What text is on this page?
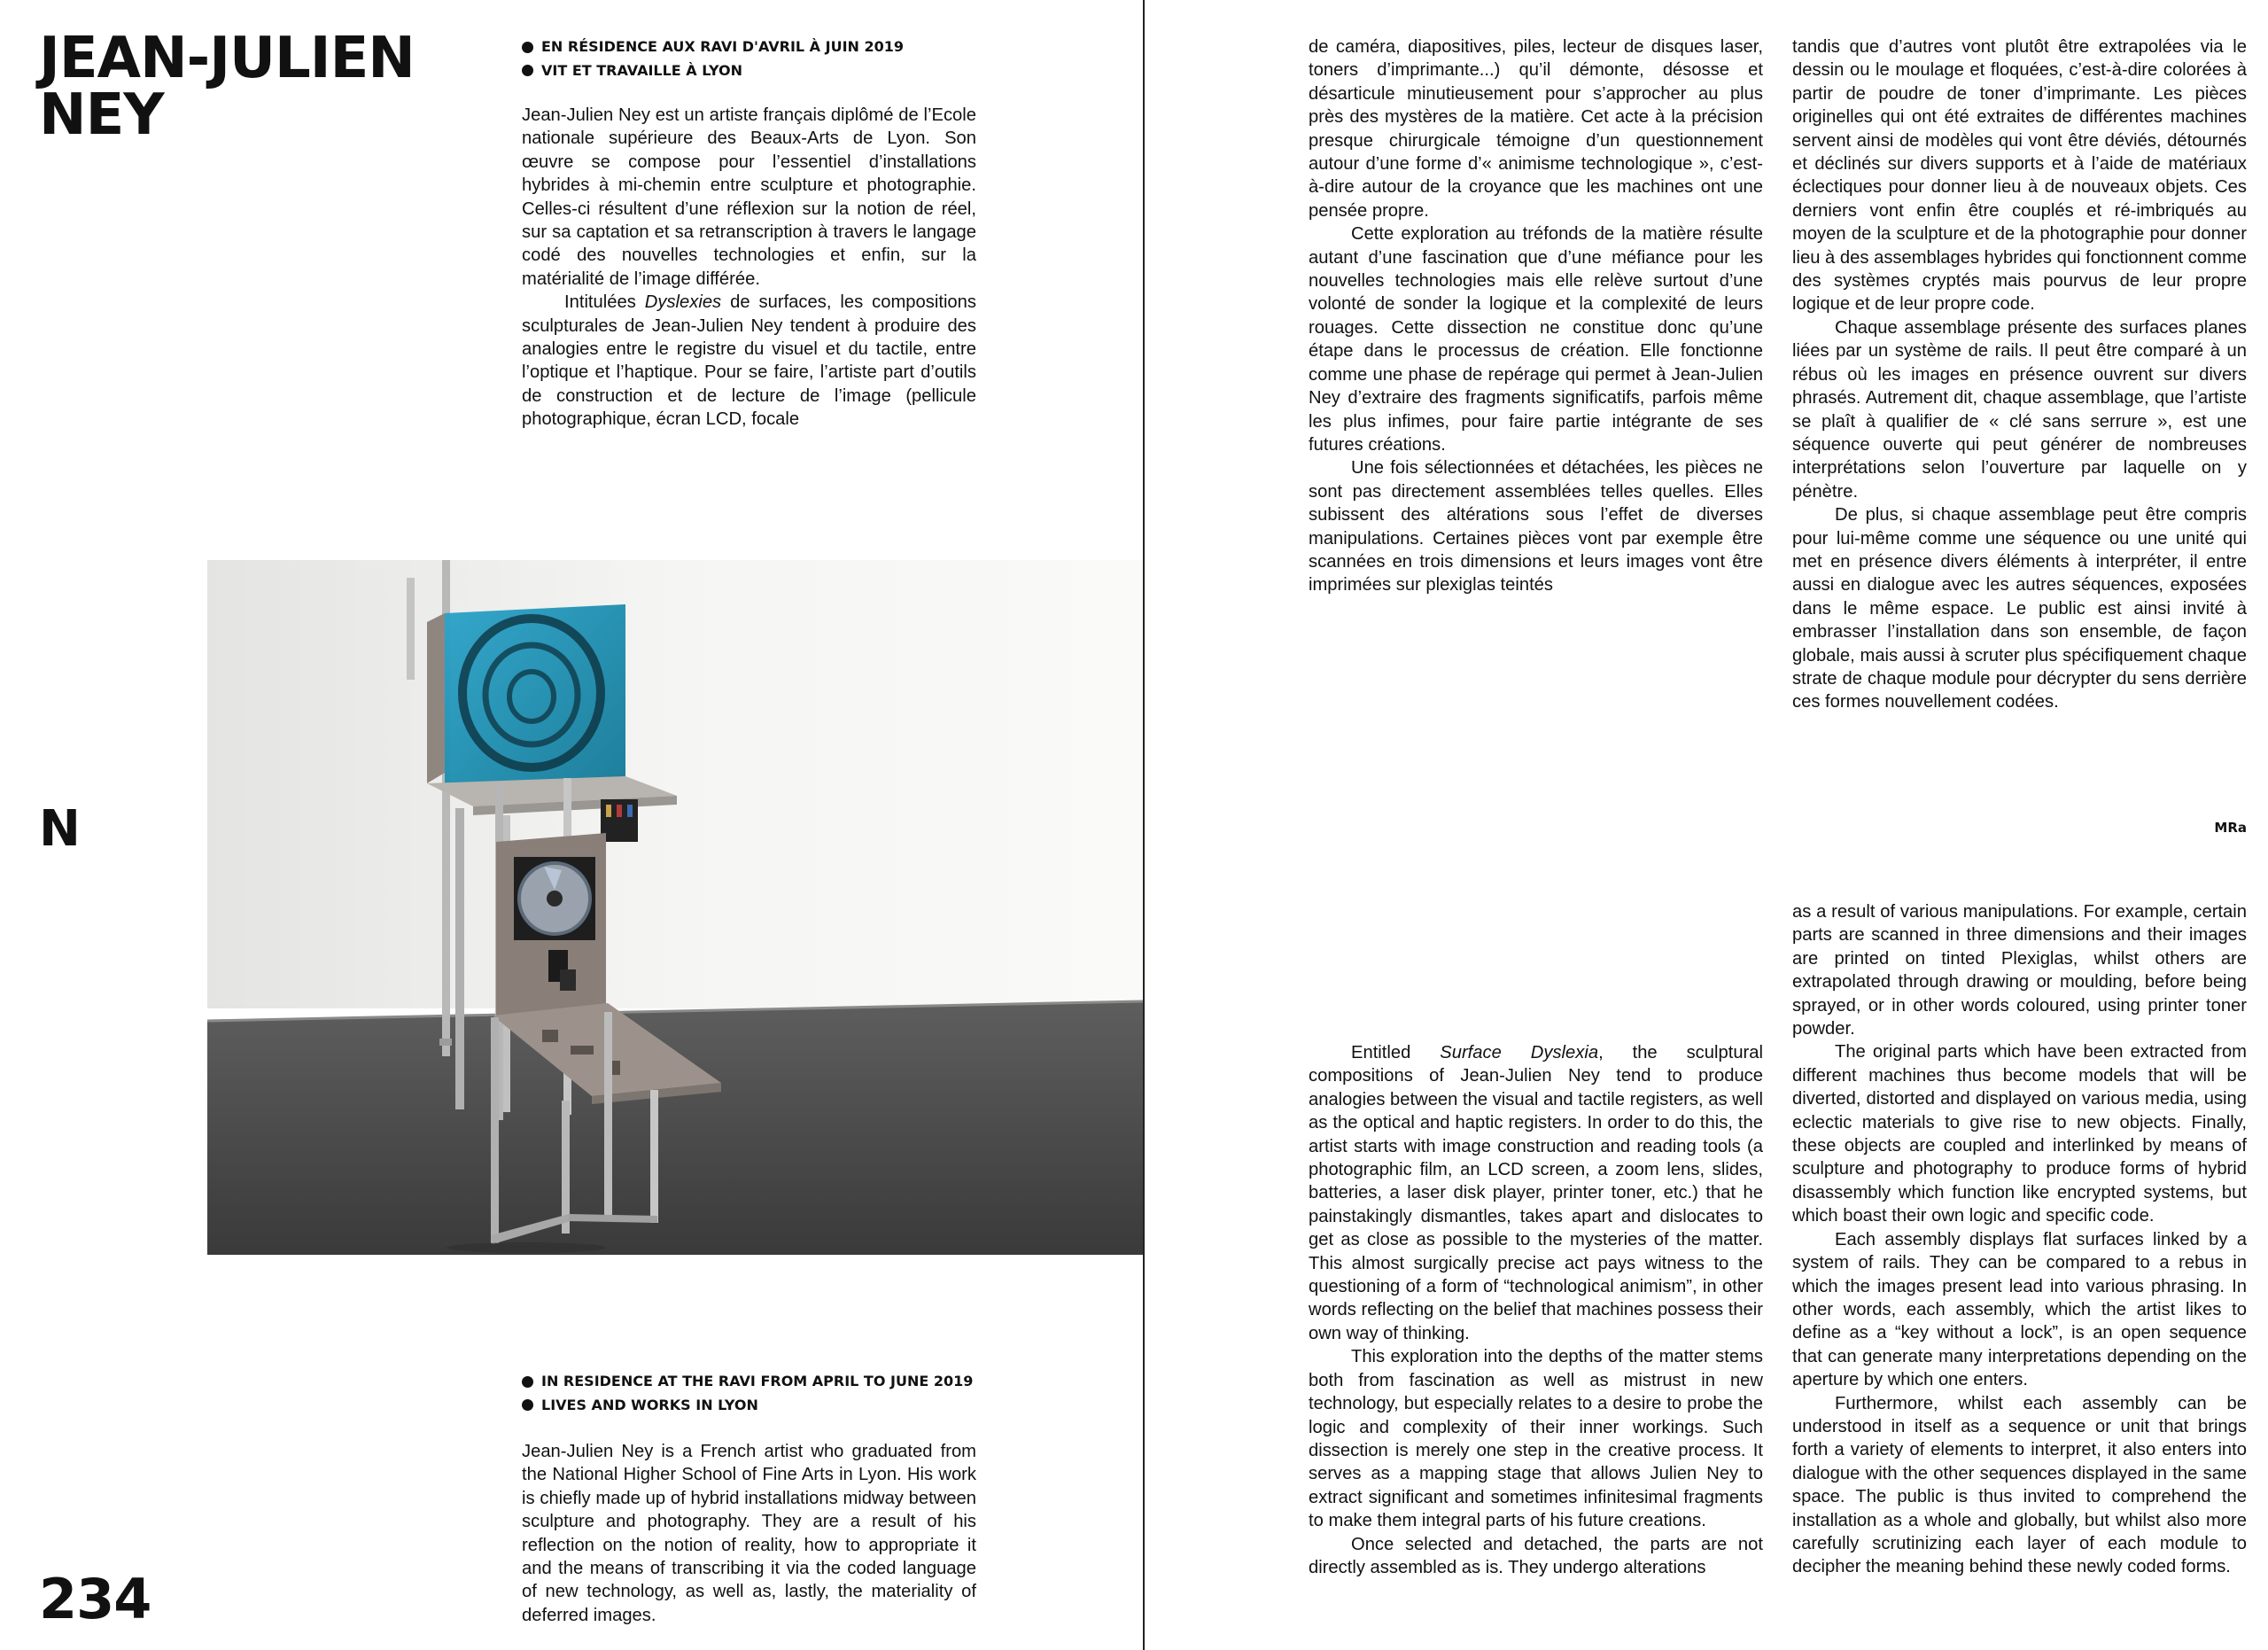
JEAN-JULIEN
NEY
N
234
EN RÉSIDENCE AUX RAVI D'AVRIL À JUIN 2019
VIT ET TRAVAILLE À LYON

Jean-Julien Ney est un artiste français diplômé de l’Ecole nationale supérieure des Beaux-Arts de Lyon. Son œuvre se compose pour l’essentiel d’installations hybrides à mi-chemin entre sculpture et photographie. Celles-ci résultent d’une réflexion sur la notion de réel, sur sa captation et sa retranscription à travers le langage codé des nouvelles technologies et enfin, sur la matérialité de l’image différée.

Intitulées Dyslexies de surfaces, les compositions sculpturales de Jean-Julien Ney tendent à produire des analogies entre le registre du visuel et du tactile, entre l’optique et l’haptique. Pour se faire, l’artiste part d’outils de construction et de lecture de l’image (pellicule photographique, écran LCD, focale

de caméra, diapositives, piles, lecteur de disques laser, toners d’imprimante...) qu’il démonte, désosse et désarticule minutieusement pour s’approcher au plus près des mystères de la matière. Cet acte à la précision presque chirurgicale témoigne d’un questionnement autour d’une forme d’« animisme technologique », c’est-à-dire autour de la croyance que les machines ont une pensée propre.

Cette exploration au tréfonds de la matière résulte autant d’une fascination que d’une méfiance pour les nouvelles technologies mais elle relève surtout d’une volonté de sonder la logique et la complexité de leurs rouages. Cette dissection ne constitue donc qu’une étape dans le processus de création. Elle fonctionne comme une phase de repérage qui permet à Jean-Julien Ney d’extraire des fragments significatifs, parfois même les plus infimes, pour faire partie intégrante de ses futures créations.

Une fois sélectionnées et détachées, les pièces ne sont pas directement assemblées telles quelles. Elles subissent des altérations sous l’effet de diverses manipulations. Certaines pièces vont par exemple être scannées en trois dimensions et leurs images vont être imprimées sur plexiglas teintés

tandis que d’autres vont plutôt être extrapolées via le dessin ou le moulage et floquées, c’est-à-dire colorées à partir de poudre de toner d’imprimante. Les pièces originelles qui ont été extraites de différentes machines servent ainsi de modèles qui vont être déviés, détournés et déclinés sur divers supports et à l’aide de matériaux éclectiques pour donner lieu à de nouveaux objets. Ces derniers vont enfin être couplés et ré-imbriqués au moyen de la sculpture et de la photographie pour donner lieu à des assemblages hybrides qui fonctionnent comme des systèmes cryptés mais pourvus de leur propre logique et de leur propre code.

Chaque assemblage présente des surfaces planes liées par un système de rails. Il peut être comparé à un rébus où les images en présence ouvrent sur divers phrasés. Autrement dit, chaque assemblage, que l’artiste se plaît à qualifier de « clé sans serrure », est une séquence ouverte qui peut générer de nombreuses interprétations selon l’ouverture par laquelle on y pénètre.

De plus, si chaque assemblage peut être compris pour lui-même comme une séquence ou une unité qui met en présence divers éléments à interpréter, il entre aussi en dialogue avec les autres séquences, exposées dans le même espace. Le public est ainsi invité à embrasser l’installation dans son ensemble, de façon globale, mais aussi à scruter plus spécifiquement chaque strate de chaque module pour décrypter du sens derrière ces formes nouvellement codées.

MRa
IN RESIDENCE AT THE RAVI FROM APRIL TO JUNE 2019
LIVES AND WORKS IN LYON

Jean-Julien Ney is a French artist who graduated from the National Higher School of Fine Arts in Lyon. His work is chiefly made up of hybrid installations midway between sculpture and photography. They are a result of his reflection on the notion of reality, how to appropriate it and the means of transcribing it via the coded language of new technology, as well as, lastly, the materiality of deferred images.

Entitled Surface Dyslexia, the sculptural compositions of Jean-Julien Ney tend to produce analogies between the visual and tactile registers, as well as the optical and haptic registers. In order to do this, the artist starts with image construction and reading tools (a photographic film, an LCD screen, a zoom lens, slides, batteries, a laser disk player, printer toner, etc.) that he painstakingly dismantles, takes apart and dislocates to get as close as possible to the mysteries of the matter. This almost surgically precise act pays witness to the questioning of a form of “technological animism”, in other words reflecting on the belief that machines possess their own way of thinking.

This exploration into the depths of the matter stems both from fascination as well as mistrust in new technology, but especially relates to a desire to probe the logic and complexity of their inner workings. Such dissection is merely one step in the creative process. It serves as a mapping stage that allows Julien Ney to extract significant and sometimes infinitesimal fragments to make them integral parts of his future creations.

Once selected and detached, the parts are not directly assembled as is. They undergo alterations

as a result of various manipulations. For example, certain parts are scanned in three dimensions and their images are printed on tinted Plexiglas, whilst others are extrapolated through drawing or moulding, before being sprayed, or in other words coloured, using printer toner powder.

The original parts which have been extracted from different machines thus become models that will be diverted, distorted and displayed on various media, using eclectic materials to give rise to new objects. Finally, these objects are coupled and interlinked by means of sculpture and photography to produce forms of hybrid disassembly which function like encrypted systems, but which boast their own logic and specific code.

Each assembly displays flat surfaces linked by a system of rails. They can be compared to a rebus in which the images present lead into various phrasing. In other words, each assembly, which the artist likes to define as a “key without a lock”, is an open sequence that can generate many interpretations depending on the aperture by which one enters.

Furthermore, whilst each assembly can be understood in itself as a sequence or unit that brings forth a variety of elements to interpret, it also enters into dialogue with the other sequences displayed in the same space. The public is thus invited to comprehend the installation as a whole and globally, but whilst also more carefully scrutinizing each layer of each module to decipher the meaning behind these newly coded forms.
